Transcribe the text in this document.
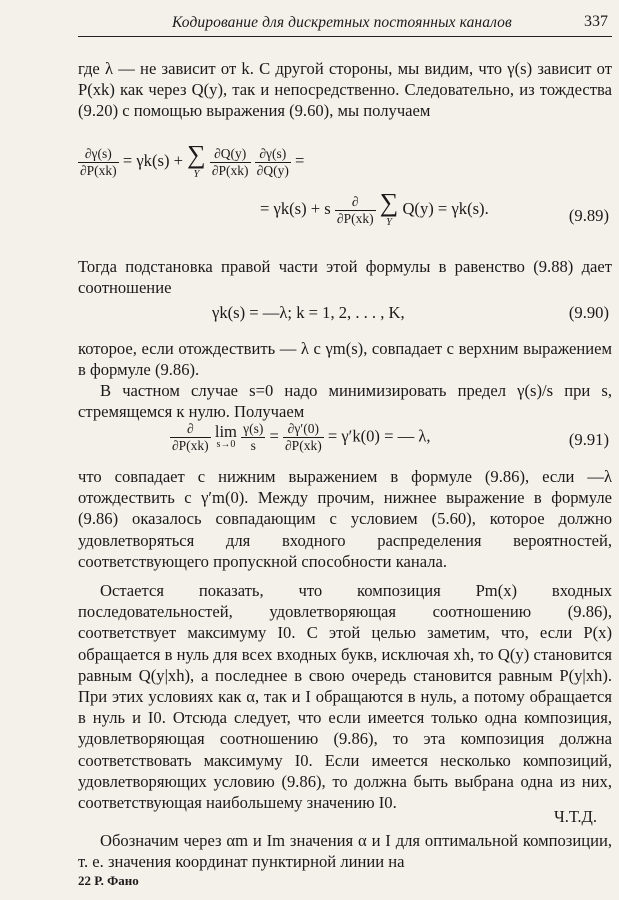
Кодирование для дискретных постоянных каналов	337

где λ — не зависит от k. С другой стороны, мы видим, что γ(s) зависит от P(xk) как через Q(y), так и непосредственно. Следовательно, из тождества (9.20) с помощью выражения (9.60), мы получаем

$\frac{\partial\gamma(s)}{\partial P(xk)} = \gamma k(s)$ + ∑
Y
$\frac{\partial Q(y)}{\partial P(xk)}$
$\frac{\partial\gamma(s)}{\partial Q(y)}$ =
= γk(s) + s $\frac{\partial}{\partial P(xk)}$
∑
Y
Q(y) = γk(s).	(9.89)

Тогда подстановка правой части этой формулы в равенство (9.88) дает соотношение

γk(s) = —λ; k = 1, 2, . . . , K,	(9.90)

которое, если отождествить — λ с γm(s), совпадает с верхним выражением в формуле (9.86).

В частном случае s=0 надо минимизировать предел γ(s)/s при s, стремящемся к нулю. Получаем

$\frac{\partial}{\partial P(xk)}$ lim
s→0
$\frac{\gamma(s)}{s} = \frac{\partial\gamma'(0)}{\partial P(xk)} = \gamma'k(0)$ = — λ,	(9.91)

что совпадает с нижним выражением в формуле (9.86), если —λ отождествить с γ′m(0). Между прочим, нижнее выражение в формуле (9.86) оказалось совпадающим с условием (5.60), которое должно удовлетворяться для входного распределения вероятностей, соответствующего пропускной способности канала.

Остается показать, что композиция Pm(x) входных последовательностей, удовлетворяющая соотношению (9.86), соответствует максимуму I0. С этой целью заметим, что, если P(x) обращается в нуль для всех входных букв, исключая xh, то Q(y) становится равным Q(y|xh), а последнее в свою очередь становится равным P(y|xh). При этих условиях как α, так и I обращаются в нуль, а потому обращается в нуль и I0. Отсюда следует, что если имеется только одна композиция, удовлетворяющая соотношению (9.86), то эта композиция должна соответствовать максимуму I0. Если имеется несколько композиций, удовлетворяющих условию (9.86), то должна быть выбрана одна из них, соответствующая наибольшему значению I0.

Ч.Т.Д.

Обозначим через αm и Im значения α и I для оптимальной композиции, т. е. значения координат пунктирной линии на

22 Р. Фано
